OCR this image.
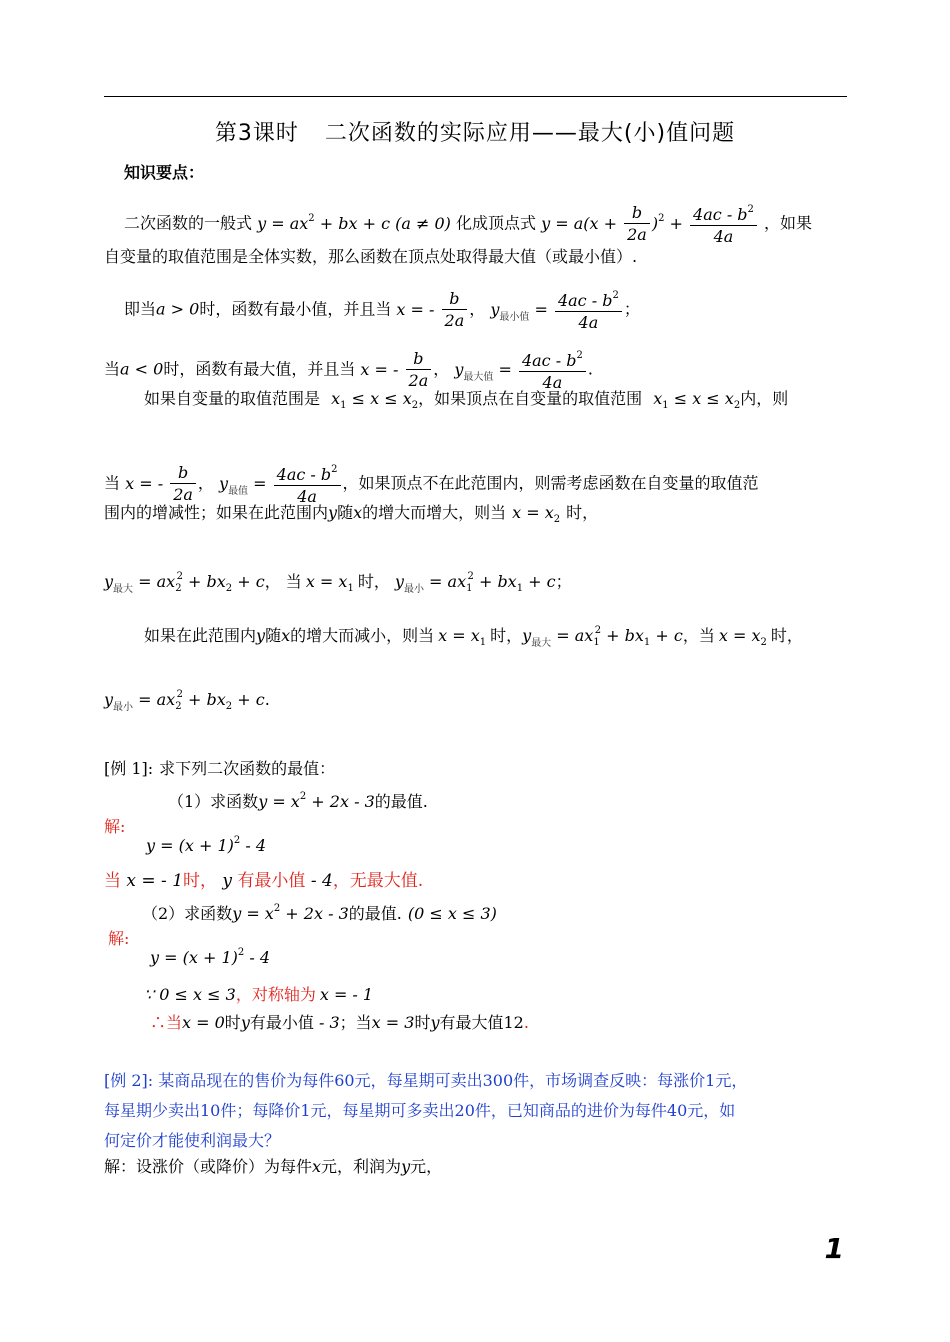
第3课时 二次函数的实际应用——最大(小)值问题
知识要点：
二次函数的一般式 $y = ax^2$ + bx + c (a ≠ 0) 化成顶点式 $y = a(x + \frac{b}{2a} )^2 + \frac{4ac - b^2}{4a}$ ，如果
自变量的取值范围是全体实数，那么函数在顶点处取得最大值（或最小值）.
即当a > 0时，函数有最小值，并且当 x = - $\frac{b}{2a}$ ， $y_{最小值} = \frac{4ac - b^2}{4a}$ ；
当a < 0时，函数有最大值，并且当 x = - $\frac{b}{2a}$ ， $y_{最大值} = \frac{4ac - b^2}{4a}$ .
如果自变量的取值范围是 $x_1 \le x \le x_2$，如果顶点在自变量的取值范围 $x_1 \le x \le x_2$内，则
当 x = - $\frac{b}{2a}$ ， $y_{最值} = \frac{4ac - b^2}{4a}$ ，如果顶点不在此范围内，则需考虑函数在自变量的取值范
围内的增减性；如果在此范围内y随x的增大而增大，则当 $x = x_2$ 时，
$y_{最大} = ax_2^2 + bx_2 + c$， 当 $x = x_1$ 时， $y_{最小} = ax_1^2 + bx_1 + c$；
如果在此范围内y随x的增大而减小，则当 $x = x_1$ 时，$y_{最大} = ax_1^2 + bx_1 + c$，当 $x = x_2$ 时，
$y_{最小} = ax_2^2 + bx_2 + c$.
[例 1]: 求下列二次函数的最值：
（1）求函数$y = x^2 + 2x - 3$的最值.
解:
$y = (x + 1)^2 - 4$
当 x = - 1时， y 有最小值 - 4，无最大值.
（2）求函数$y = x^2 + 2x - 3$的最值. (0 ≤ x ≤ 3)
解:
$y = (x + 1)^2 - 4$
∵ 0 ≤ x ≤ 3，对称轴为 x = - 1
∴当x = 0时y有最小值 - 3；当x = 3时y有最大值12.
[例 2]: 某商品现在的售价为每件60元，每星期可卖出300件，市场调查反映：每涨价1元，
每星期少卖出10件；每降价1元，每星期可多卖出20件，已知商品的进价为每件40元，如
何定价才能使利润最大？
解：设涨价（或降价）为每件x元，利润为y元，
1
